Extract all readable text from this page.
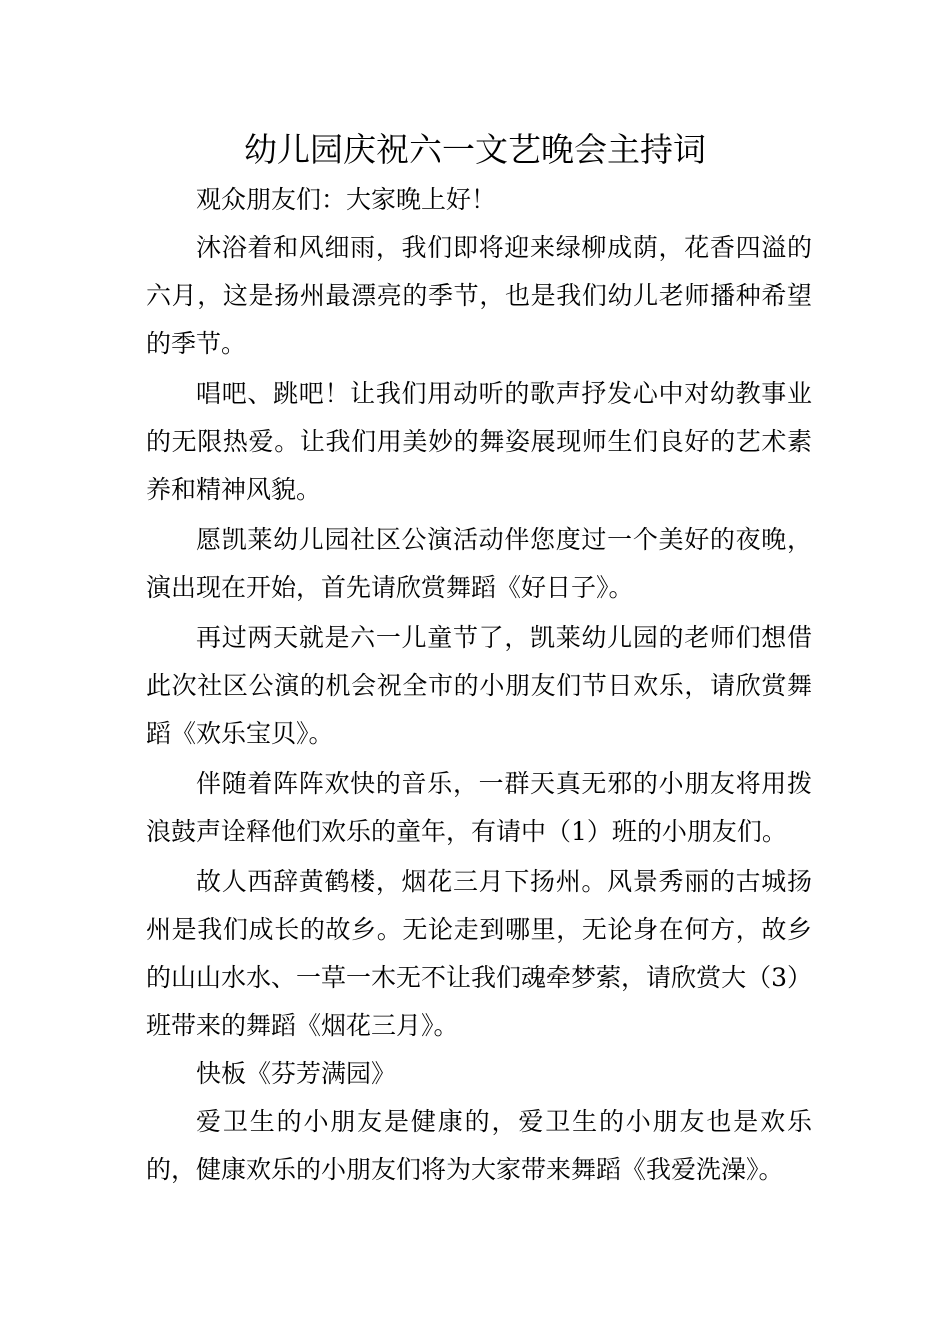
幼儿园庆祝六一文艺晚会主持词

观众朋友们：大家晚上好！

沐浴着和风细雨，我们即将迎来绿柳成荫，花香四溢的六月，这是扬州最漂亮的季节，也是我们幼儿老师播种希望的季节。

唱吧、跳吧！让我们用动听的歌声抒发心中对幼教事业的无限热爱。让我们用美妙的舞姿展现师生们良好的艺术素养和精神风貌。

愿凯莱幼儿园社区公演活动伴您度过一个美好的夜晚，演出现在开始，首先请欣赏舞蹈《好日子》。

再过两天就是六一儿童节了，凯莱幼儿园的老师们想借此次社区公演的机会祝全市的小朋友们节日欢乐，请欣赏舞蹈《欢乐宝贝》。

伴随着阵阵欢快的音乐，一群天真无邪的小朋友将用拨浪鼓声诠释他们欢乐的童年，有请中（1）班的小朋友们。

故人西辞黄鹤楼，烟花三月下扬州。风景秀丽的古城扬州是我们成长的故乡。无论走到哪里，无论身在何方，故乡的山山水水、一草一木无不让我们魂牵梦萦，请欣赏大（3）班带来的舞蹈《烟花三月》。

快板《芬芳满园》

爱卫生的小朋友是健康的，爱卫生的小朋友也是欢乐的，健康欢乐的小朋友们将为大家带来舞蹈《我爱洗澡》。
